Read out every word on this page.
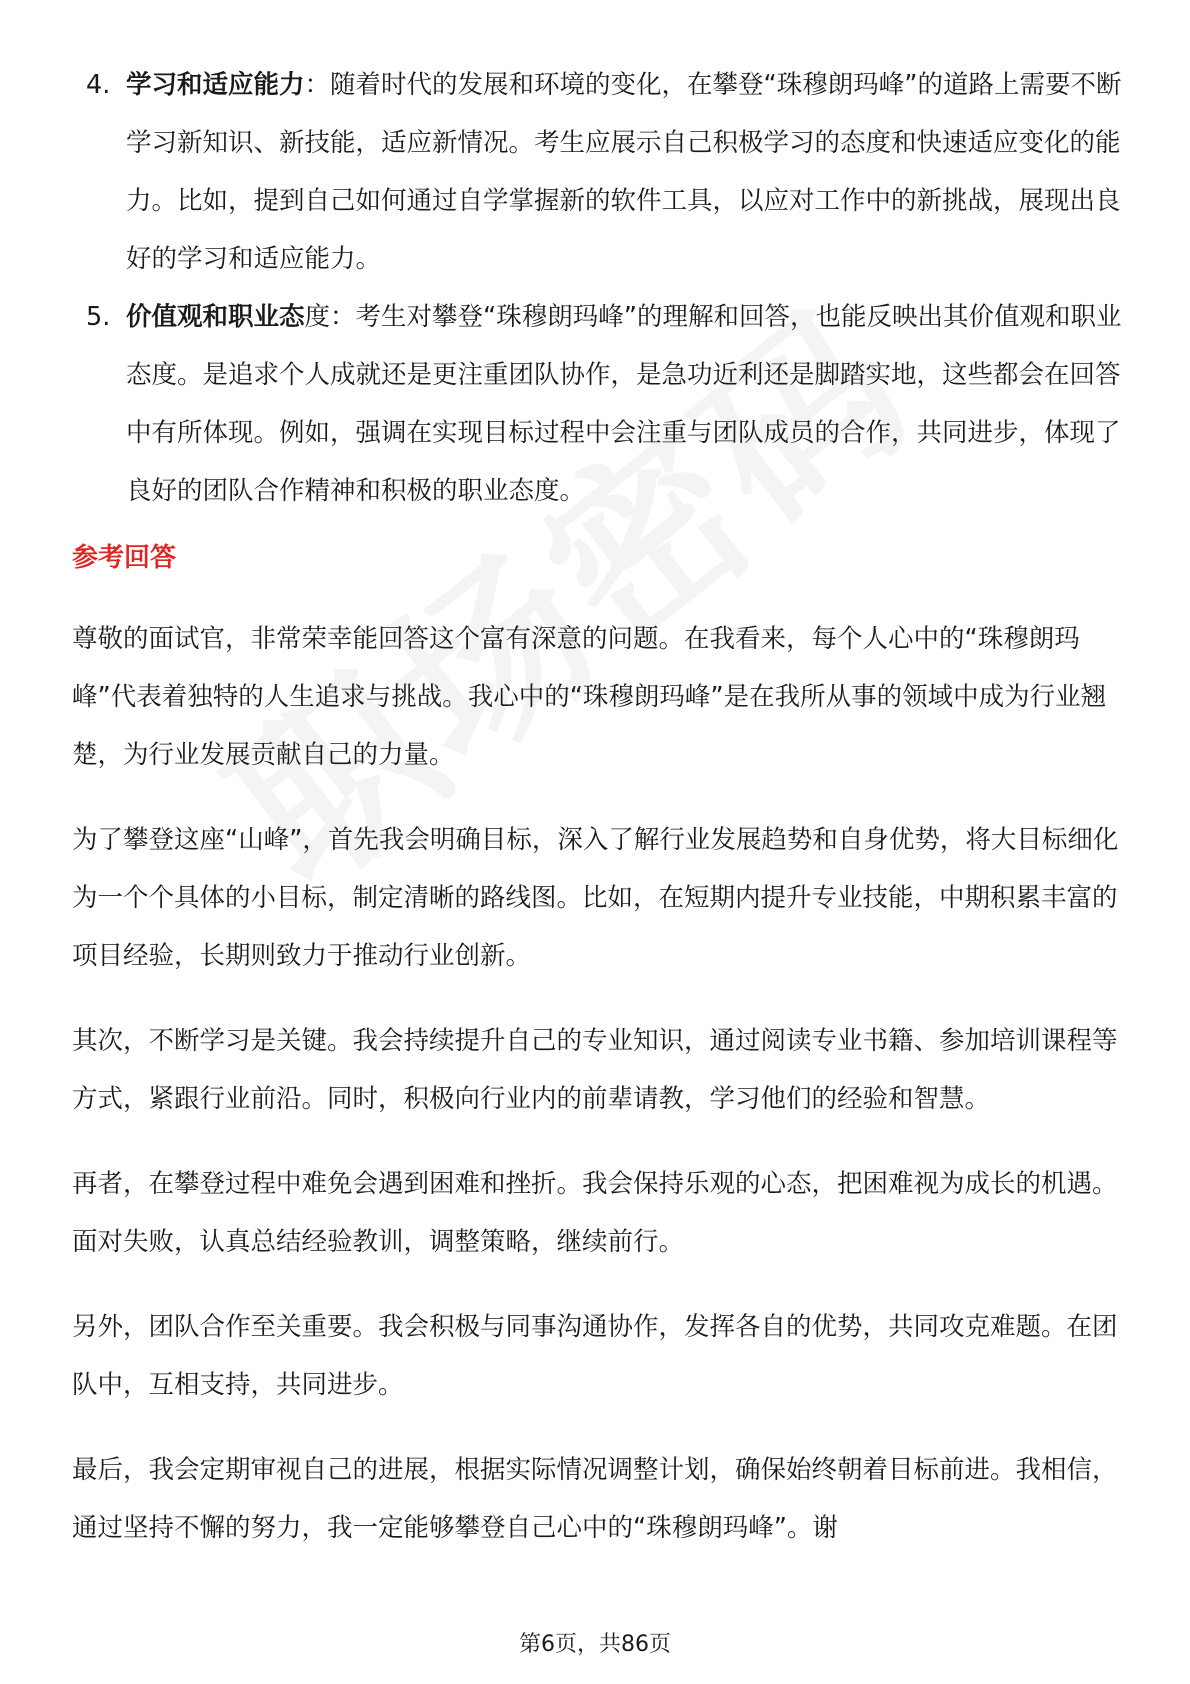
4. 学习和适应能力：随着时代的发展和环境的变化，在攀登“珠穆朗玛峰”的道路上需要不断学习新知识、新技能，适应新情况。考生应展示自己积极学习的态度和快速适应变化的能力。比如，提到自己如何通过自学掌握新的软件工具，以应对工作中的新挑战，展现出良好的学习和适应能力。
5. 价值观和职业态度：考生对攀登“珠穆朗玛峰”的理解和回答，也能反映出其价值观和职业态度。是追求个人成就还是更注重团队协作，是急功近利还是脚踏实地，这些都会在回答中有所体现。例如，强调在实现目标过程中会注重与团队成员的合作，共同进步，体现了良好的团队合作精神和积极的职业态度。
参考回答

尊敬的面试官，非常荣幸能回答这个富有深意的问题。在我看来，每个人心中的“珠穆朗玛峰”代表着独特的人生追求与挑战。我心中的“珠穆朗玛峰”是在我所从事的领域中成为行业翘楚，为行业发展贡献自己的力量。

为了攀登这座“山峰”，首先我会明确目标，深入了解行业发展趋势和自身优势，将大目标细化为一个个具体的小目标，制定清晰的路线图。比如，在短期内提升专业技能，中期积累丰富的项目经验，长期则致力于推动行业创新。

其次，不断学习是关键。我会持续提升自己的专业知识，通过阅读专业书籍、参加培训课程等方式，紧跟行业前沿。同时，积极向行业内的前辈请教，学习他们的经验和智慧。

再者，在攀登过程中难免会遇到困难和挫折。我会保持乐观的心态，把困难视为成长的机遇。面对失败，认真总结经验教训，调整策略，继续前行。

另外，团队合作至关重要。我会积极与同事沟通协作，发挥各自的优势，共同攻克难题。在团队中，互相支持，共同进步。

最后，我会定期审视自己的进展，根据实际情况调整计划，确保始终朝着目标前进。我相信，通过坚持不懈的努力，我一定能够攀登自己心中的“珠穆朗玛峰”。谢

第6页，共86页
